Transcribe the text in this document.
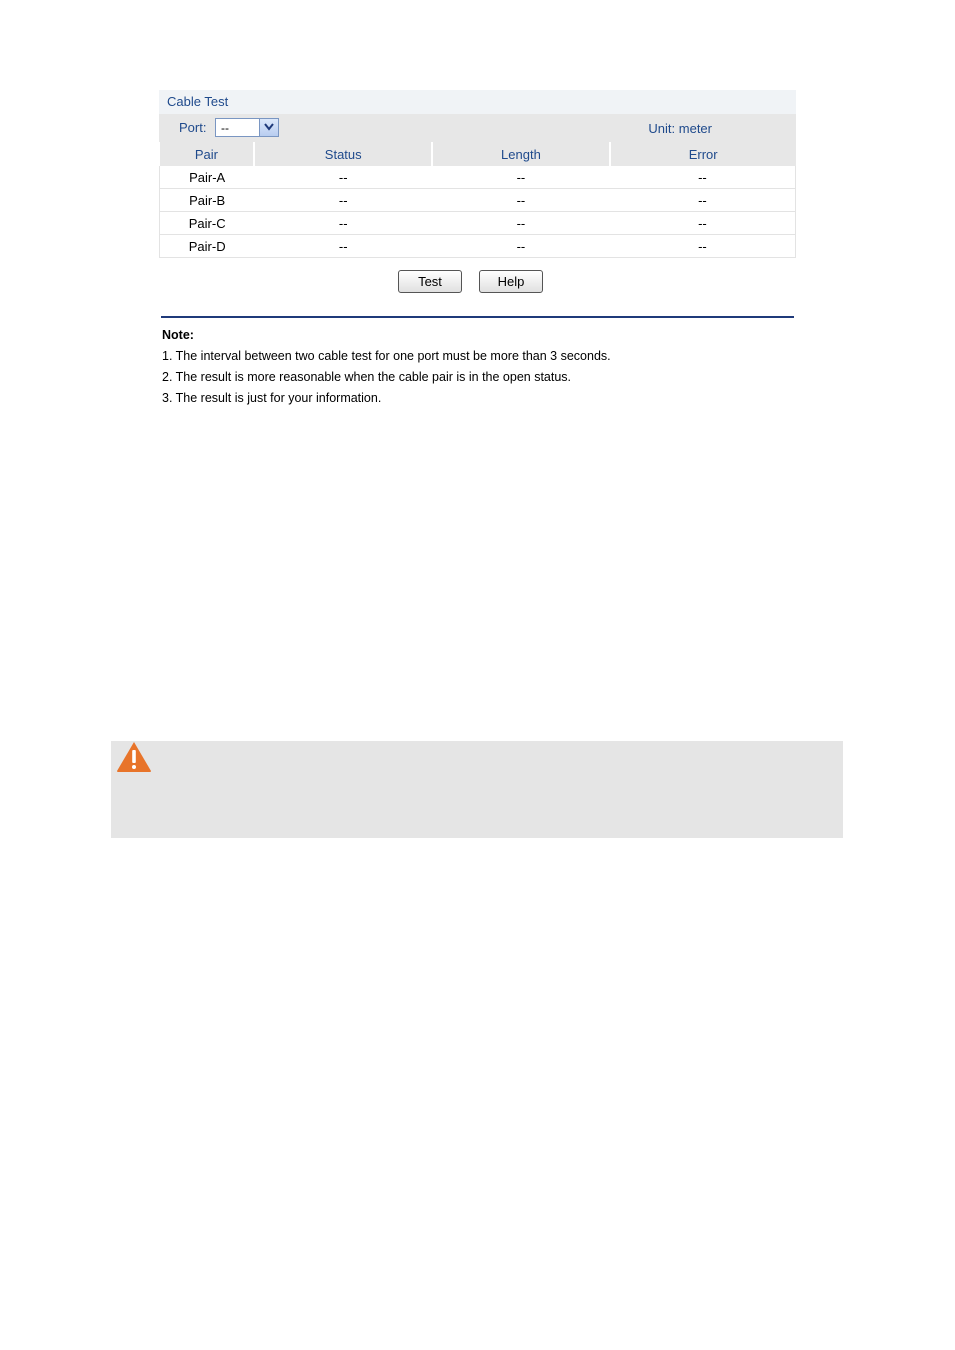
Cable Test
Port: --	Unit: meter
Pair	Status	Length	Error
Pair-A	--	--	--
Pair-B	--	--	--
Pair-C	--	--	--
Pair-D	--	--	--
Test	Help
Note:
1. The interval between two cable test for one port must be more than 3 seconds.
2. The result is more reasonable when the cable pair is in the open status.
3. The result is just for your information.
